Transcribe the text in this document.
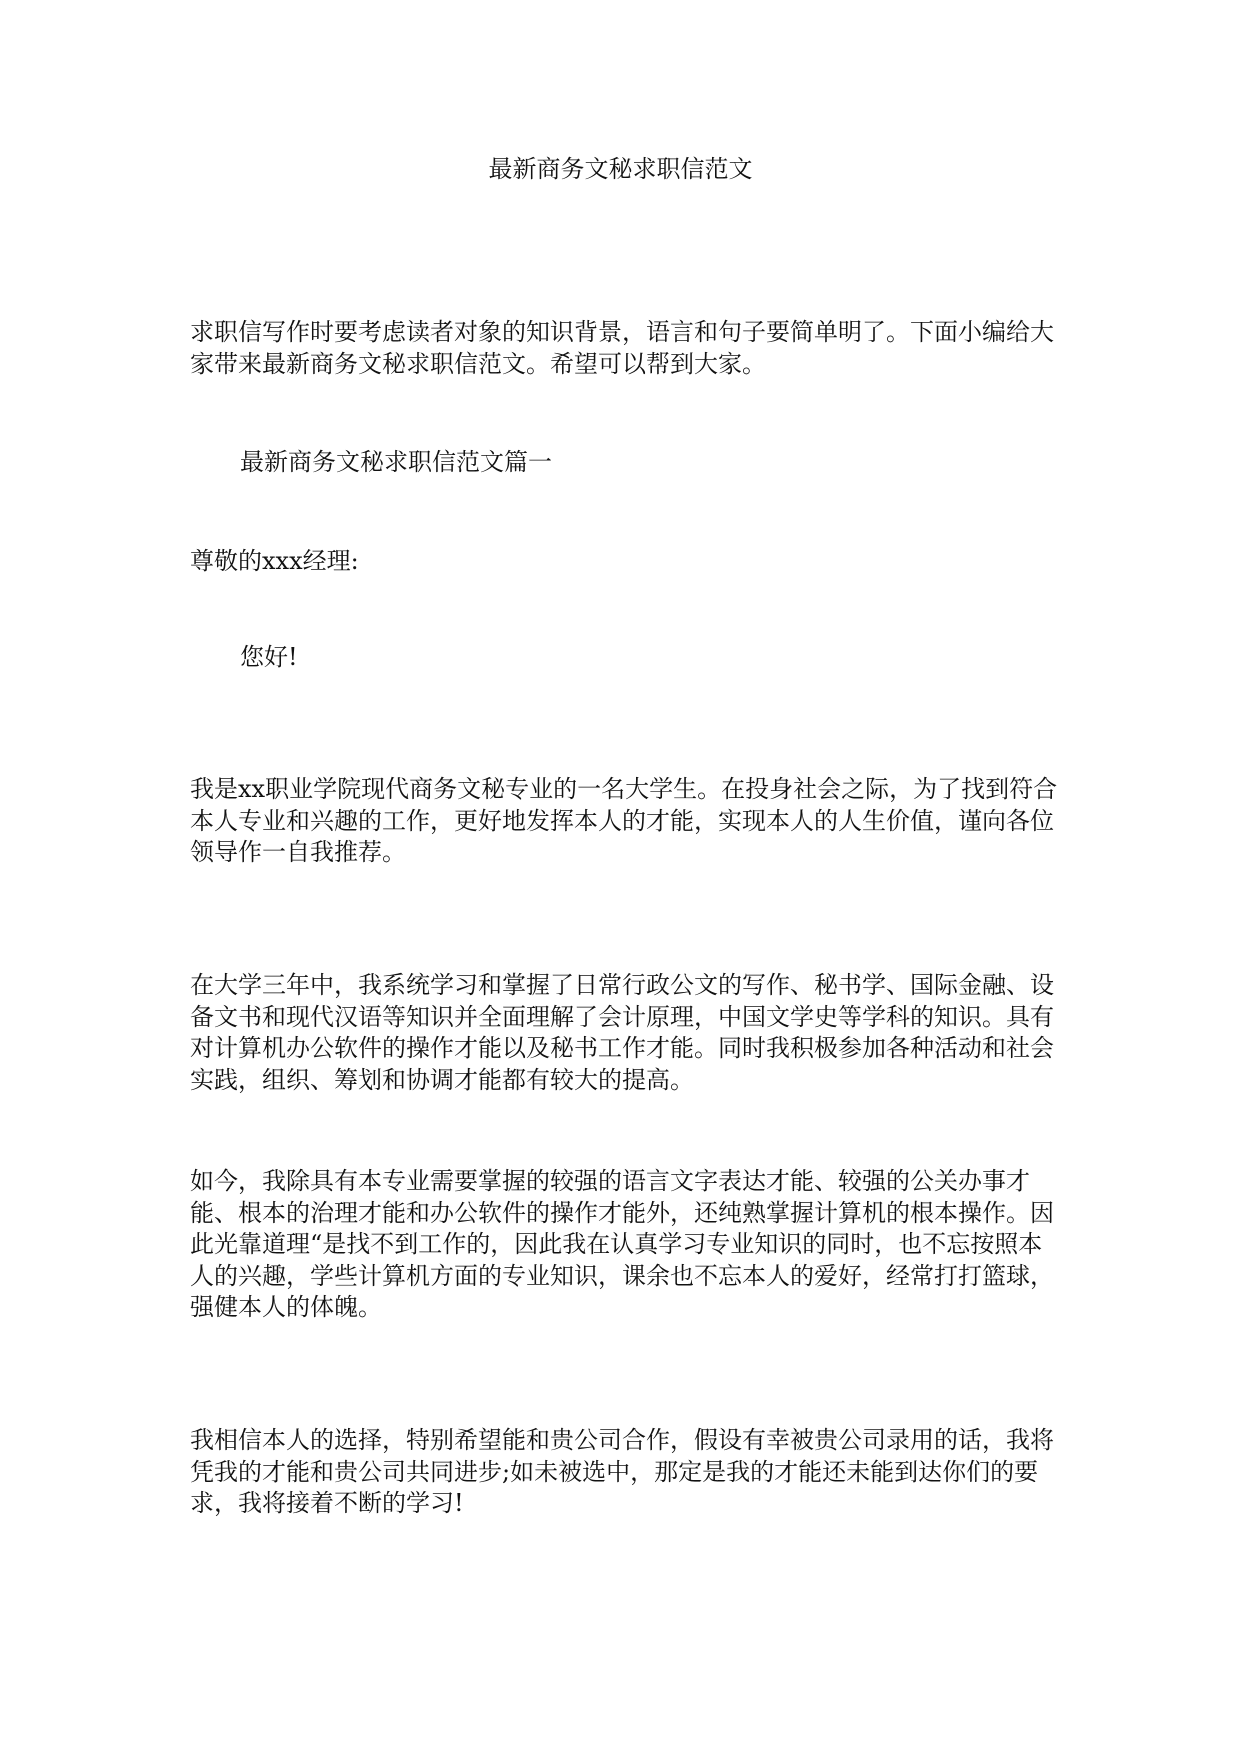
最新商务文秘求职信范文

求职信写作时要考虑读者对象的知识背景，语言和句子要简单明了。下面小编给大家带来最新商务文秘求职信范文。希望可以帮到大家。

最新商务文秘求职信范文篇一

尊敬的xxx经理:

您好!

我是xx职业学院现代商务文秘专业的一名大学生。在投身社会之际，为了找到符合本人专业和兴趣的工作，更好地发挥本人的才能，实现本人的人生价值，谨向各位领导作一自我推荐。

在大学三年中，我系统学习和掌握了日常行政公文的写作、秘书学、国际金融、设备文书和现代汉语等知识并全面理解了会计原理，中国文学史等学科的知识。具有对计算机办公软件的操作才能以及秘书工作才能。同时我积极参加各种活动和社会实践，组织、筹划和协调才能都有较大的提高。

如今，我除具有本专业需要掌握的较强的语言文字表达才能、较强的公关办事才能、根本的治理才能和办公软件的操作才能外，还纯熟掌握计算机的根本操作。因此光靠道理“是找不到工作的，因此我在认真学习专业知识的同时，也不忘按照本人的兴趣，学些计算机方面的专业知识，课余也不忘本人的爱好，经常打打篮球，强健本人的体魄。

我相信本人的选择，特别希望能和贵公司合作，假设有幸被贵公司录用的话，我将凭我的才能和贵公司共同进步;如未被选中，那定是我的才能还未能到达你们的要求，我将接着不断的学习!
